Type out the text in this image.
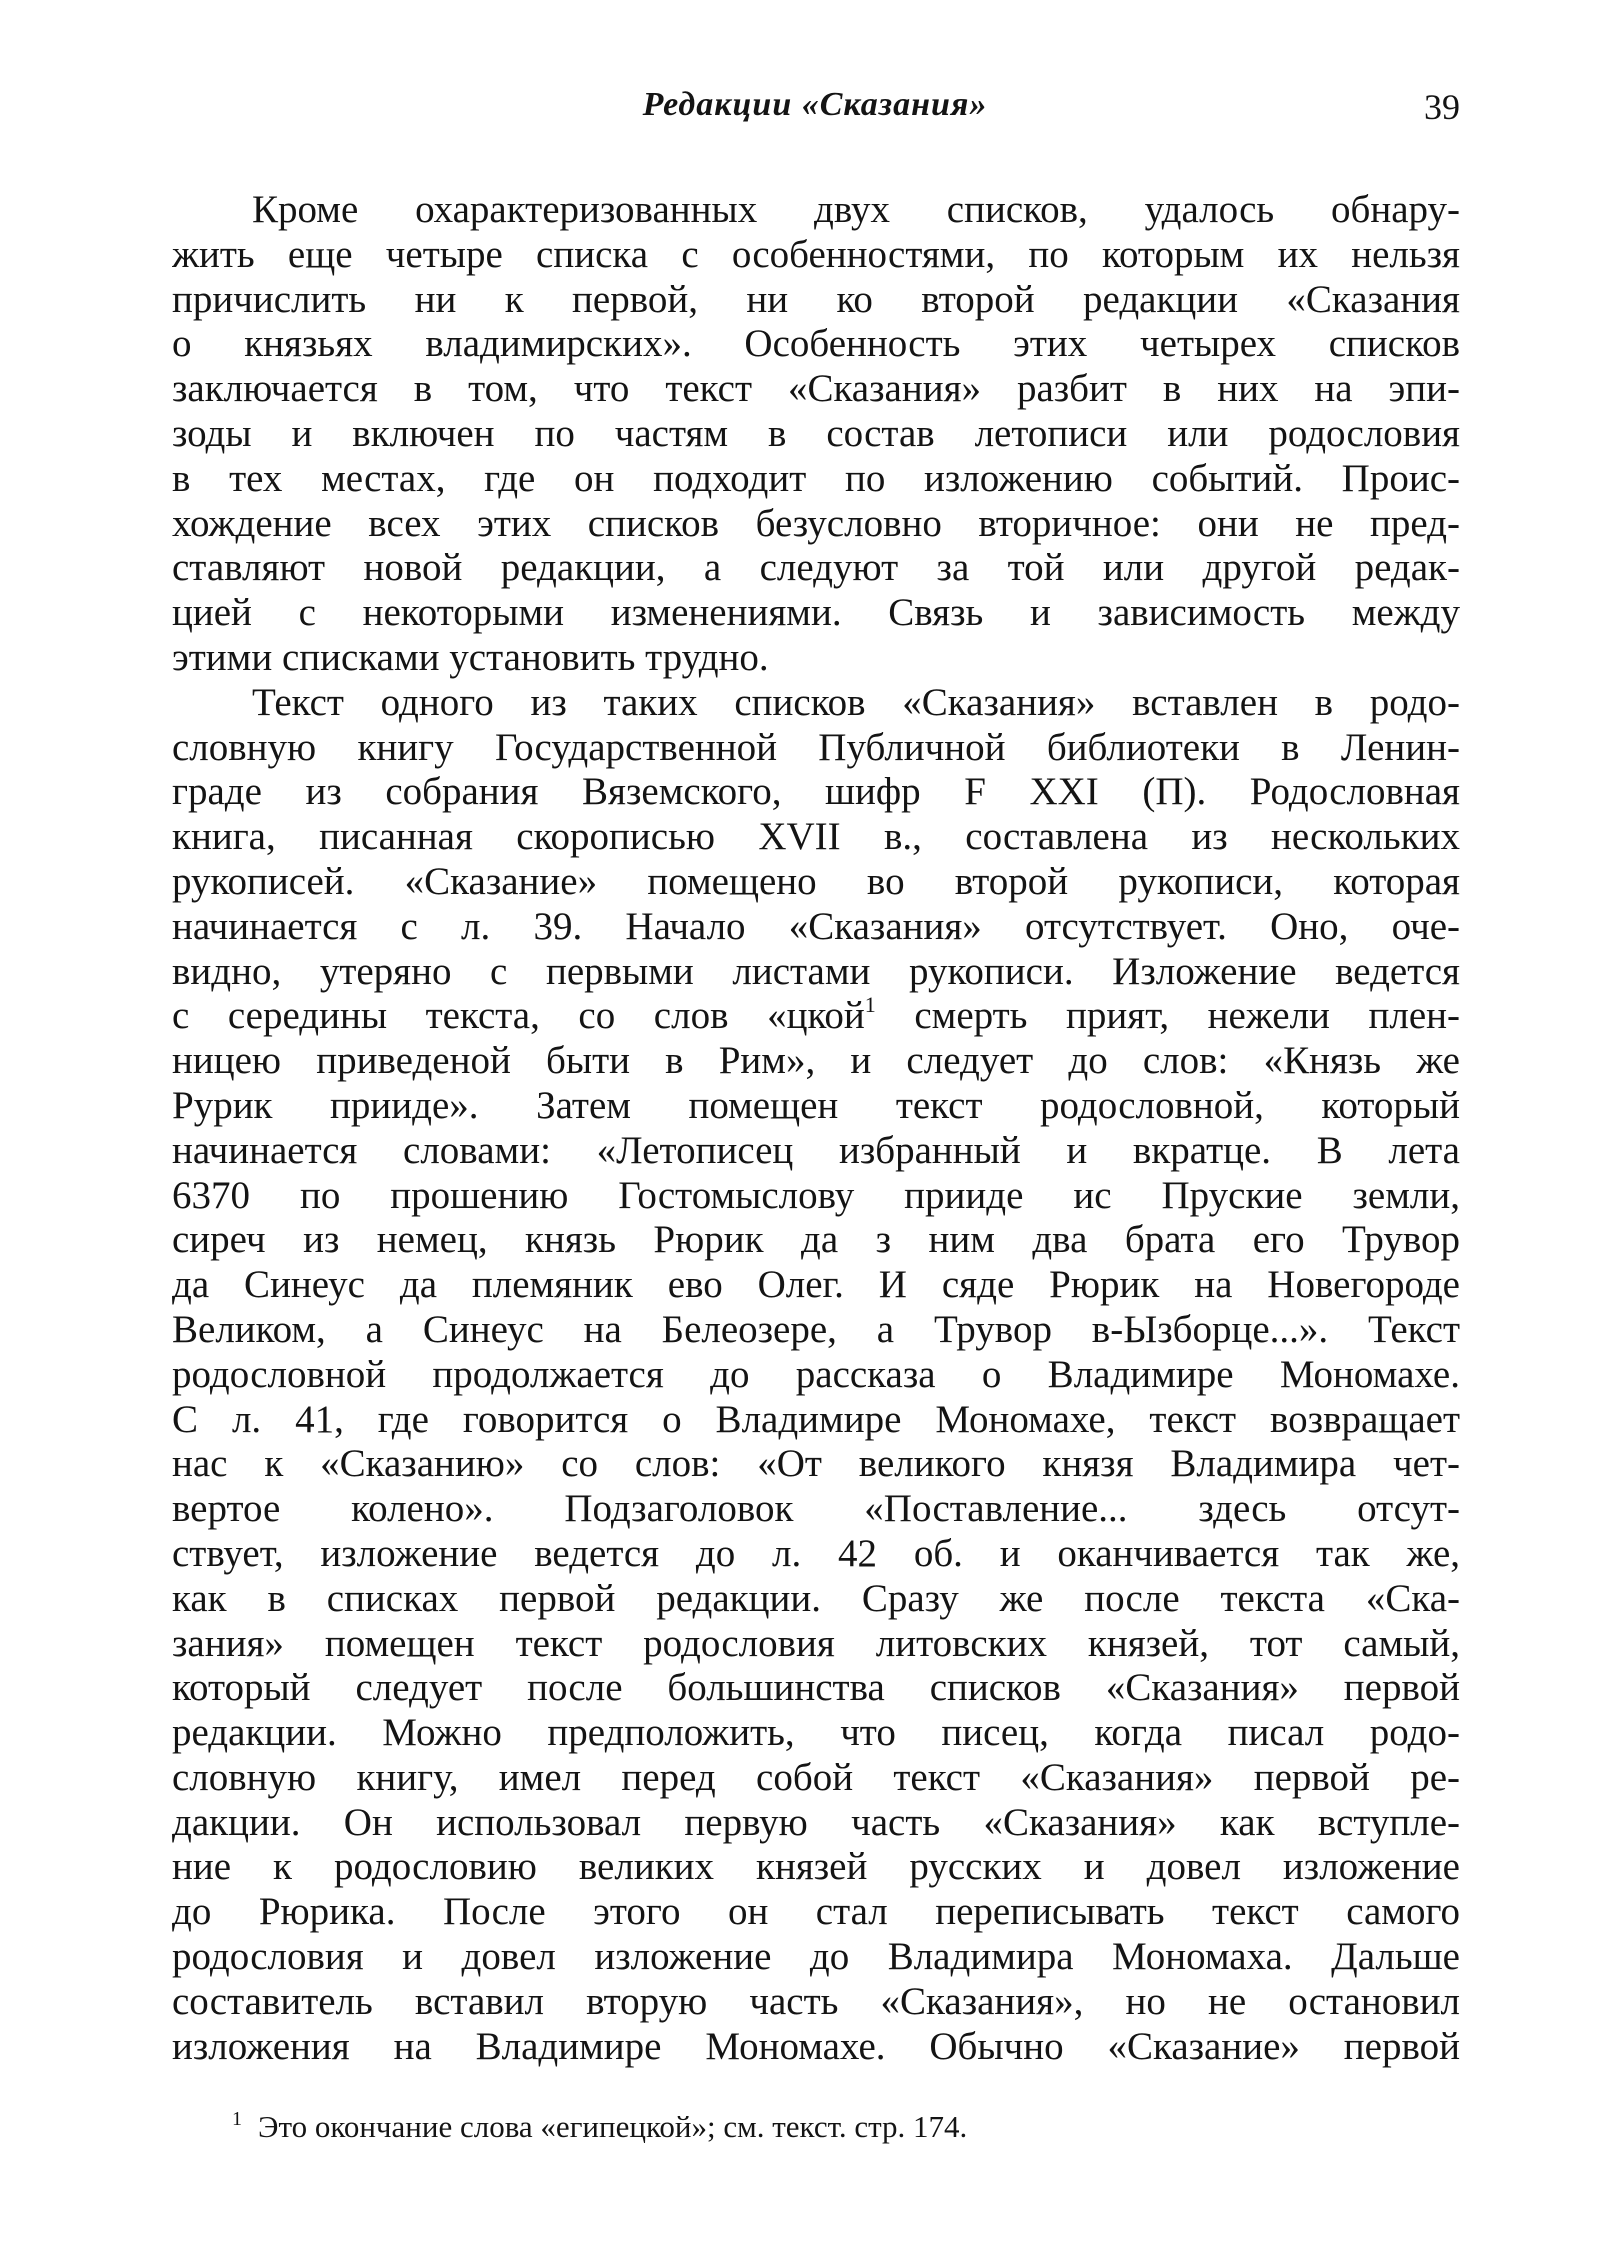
Редакции «Сказания»	39
Кроме охарактеризованных двух списков, удалось обнару-
жить еще четыре списка с особенностями, по которым их нельзя
причислить ни к первой, ни ко второй редакции «Сказания
о князьях владимирских». Особенность этих четырех списков
заключается в том, что текст «Сказания» разбит в них на эпи-
зоды и включен по частям в состав летописи или родословия
в тех местах, где он подходит по изложению событий. Проис-
хождение всех этих списков безусловно вторичное: они не пред-
ставляют новой редакции, а следуют за той или другой редак-
цией с некоторыми изменениями. Связь и зависимость между
этими списками установить трудно.
Текст одного из таких списков «Сказания» вставлен в родо-
словную книгу Государственной Публичной библиотеки в Ленин-
граде из собрания Вяземского, шифр F XXI (П). Родословная
книга, писанная скорописью XVII в., составлена из нескольких
рукописей. «Сказание» помещено во второй рукописи, которая
начинается с л. 39. Начало «Сказания» отсутствует. Оно, оче-
видно, утеряно с первыми листами рукописи. Изложение ведется
с середины текста, со слов «цкой$^1$ смерть прият, нежели плен-
ницею приведеной быти в Рим», и следует до слов: «Князь же
Рурик прииде». Затем помещен текст родословной, который
начинается словами: «Летописец избранный и вкратце. В лета
6370 по прошению Гостомыслову прииде ис Пруские земли,
сиреч из немец, князь Рюрик да з ним два брата его Трувор
да Синеус да племяник ево Олег. И сяде Рюрик на Новегороде
Великом, а Синеус на Белеозере, а Трувор в-Ызборце...». Текст
родословной продолжается до рассказа о Владимире Мономахе.
С л. 41, где говорится о Владимире Мономахе, текст возвращает
нас к «Сказанию» со слов: «От великого князя Владимира чет-
вертое колено». Подзаголовок «Поставление... здесь отсут-
ствует, изложение ведется до л. 42 об. и оканчивается так же,
как в списках первой редакции. Сразу же после текста «Ска-
зания» помещен текст родословия литовских князей, тот самый,
который следует после большинства списков «Сказания» первой
редакции. Можно предположить, что писец, когда писал родо-
словную книгу, имел перед собой текст «Сказания» первой ре-
дакции. Он использовал первую часть «Сказания» как вступле-
ние к родословию великих князей русских и довел изложение
до Рюрика. После этого он стал переписывать текст самого
родословия и довел изложение до Владимира Мономаха. Дальше
составитель вставил вторую часть «Сказания», но не остановил
изложения на Владимире Мономахе. Обычно «Сказание» первой
$^1$ Это окончание слова «египецкой»; см. текст. стр. 174.
